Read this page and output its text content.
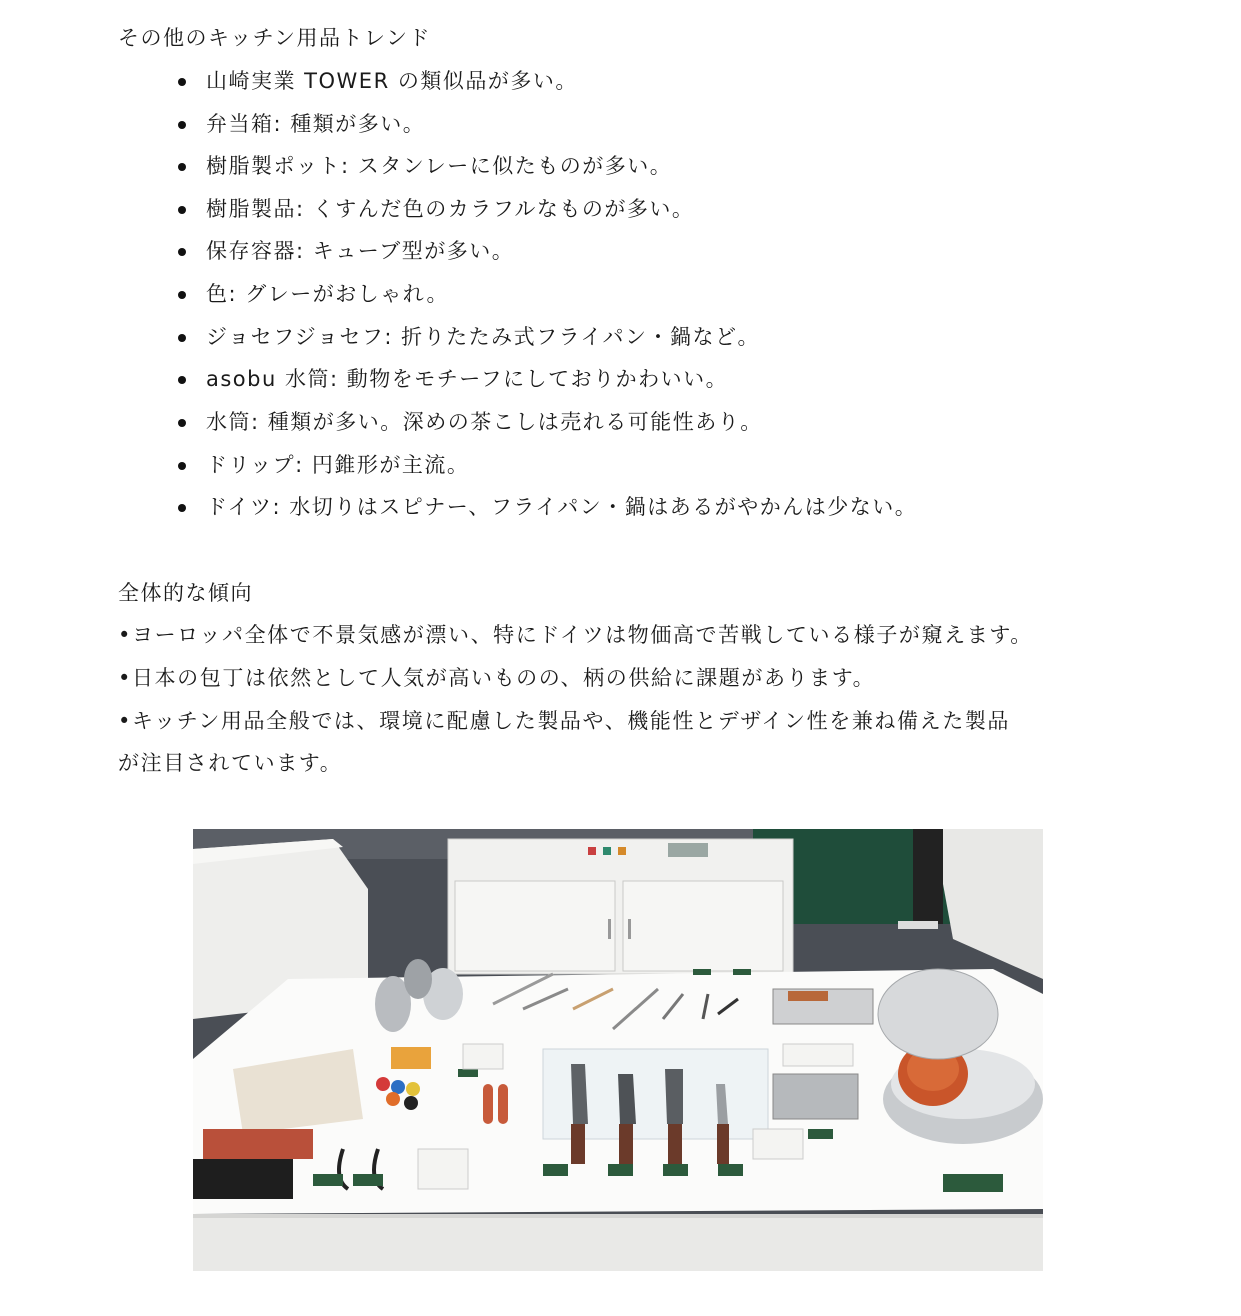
その他のキッチン用品トレンド
山崎実業 TOWER の類似品が多い。
弁当箱: 種類が多い。
樹脂製ポット: スタンレーに似たものが多い。
樹脂製品: くすんだ色のカラフルなものが多い。
保存容器: キューブ型が多い。
色: グレーがおしゃれ。
ジョセフジョセフ: 折りたたみ式フライパン・鍋など。
asobu 水筒: 動物をモチーフにしておりかわいい。
水筒: 種類が多い。深めの茶こしは売れる可能性あり。
ドリップ: 円錐形が主流。
ドイツ: 水切りはスピナー、フライパン・鍋はあるがやかんは少ない。
全体的な傾向

•ヨーロッパ全体で不景気感が漂い、特にドイツは物価高で苦戦している様子が窺えます。

•日本の包丁は依然として人気が高いものの、柄の供給に課題があります。

•キッチン用品全般では、環境に配慮した製品や、機能性とデザイン性を兼ね備えた製品

が注目されています。
